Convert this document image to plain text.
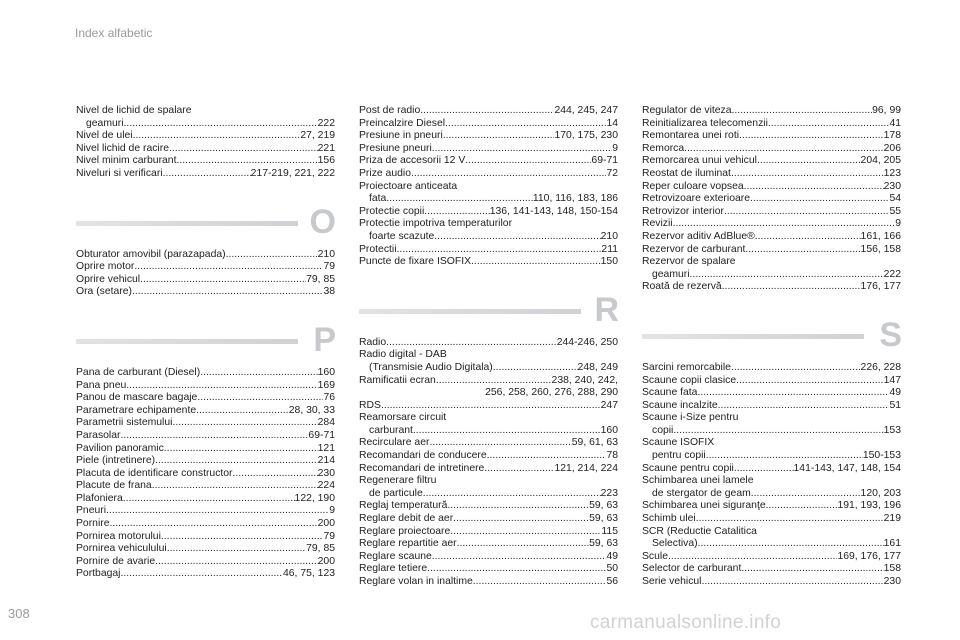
Index alfabetic
Nivel de lichid de spalare
geamuri .....	222
Nivel de ulei .....	27, 219
Nivel lichid de racire .....	221
Nivel minim carburant .....	156
Niveluri si verificari .....	217-219, 221, 222
O
Obturator amovibil (parazapada) .....	210
Oprire motor .....	79
Oprire vehicul .....	79, 85
Ora (setare) .....	38
P
Pana de carburant (Diesel) .....	160
Pana pneu .....	169
Panou de mascare bagaje .....	76
Parametrare echipamente .....	28, 30, 33
Parametrii sistemului .....	284
Parasolar .....	69-71
Pavilion panoramic .....	121
Piele (intretinere) .....	214
Placuta de identificare constructor .....	230
Placute de frana .....	224
Plafoniera .....	122, 190
Pneuri .....	9
Pornire .....	200
Pornirea motorului .....	79
Pornirea vehiculului .....	79, 85
Pornire de avarie .....	200
Portbagaj .....	46, 75, 123
Post de radio .....	244, 245, 247
Preincalzire Diesel .....	14
Presiune in pneuri .....	170, 175, 230
Presiune pneuri .....	9
Priza de accesorii 12 V .....	69-71
Prize audio .....	72
Proiectoare anticeata
fata .....	110, 116, 183, 186
Protectie copii .....	136, 141-143, 148, 150-154
Protectie impotriva temperaturilor
foarte scazute .....	210
Protectii .....	211
Puncte de fixare ISOFIX .....	150
R
Radio .....	244-246, 250
Radio digital - DAB
(Transmisie Audio Digitala) .....	248, 249
Ramificatii ecran .....	238, 240, 242,
256, 258, 260, 276, 288, 290
RDS .....	247
Reamorsare circuit
carburant .....	160
Recirculare aer .....	59, 61, 63
Recomandari de conducere .....	78
Recomandari de intretinere .....	121, 214, 224
Regenerare filtru
de particule .....	223
Reglaj temperatură .....	59, 63
Reglare debit de aer .....	59, 63
Reglare proiectoare .....	115
Reglare repartitie aer .....	59, 63
Reglare scaune .....	49
Reglare tetiere .....	50
Reglare volan in inaltime .....	56
Regulator de viteza .....	96, 99
Reinitializarea telecomenzii .....	41
Remontarea unei roti .....	178
Remorca .....	206
Remorcarea unui vehicul .....	204, 205
Reostat de iluminat .....	123
Reper culoare vopsea .....	230
Retrovizoare exterioare .....	54
Retrovizor interior .....	55
Revizii .....	9
Rezervor aditiv AdBlue® .....	161, 166
Rezervor de carburant .....	156, 158
Rezervor de spalare
geamuri .....	222
Roată de rezervă .....	176, 177
S
Sarcini remorcabile .....	226, 228
Scaune copii clasice .....	147
Scaune fata .....	49
Scaune incalzite .....	51
Scaune i-Size pentru
copii .....	153
Scaune ISOFIX
pentru copii .....	150-153
Scaune pentru copii .....	141-143, 147, 148, 154
Schimbarea unei lamele
de stergator de geam .....	120, 203
Schimbarea unei siguranţe .....	191, 193, 196
Schimb ulei .....	219
SCR (Reductie Catalitica
Selectiva) .....	161
Scule .....	169, 176, 177
Selector de carburant .....	158
Serie vehicul .....	230
308	carmanualsonline.info
